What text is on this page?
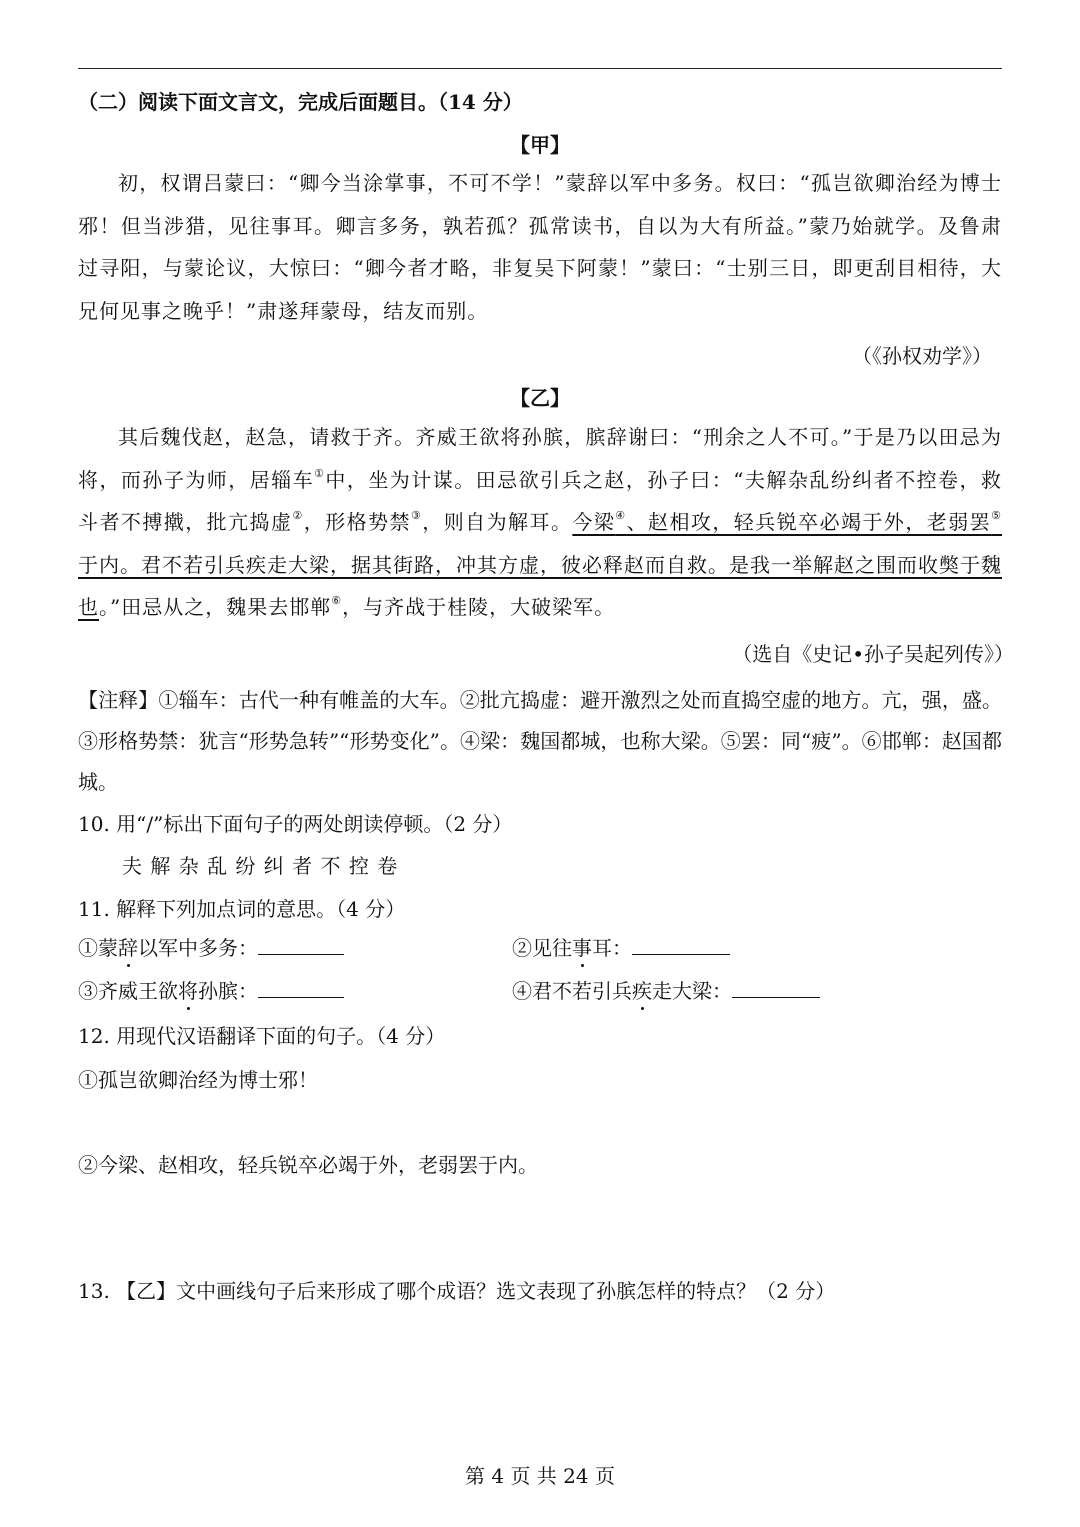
（二）阅读下面文言文，完成后面题目。（14 分）

【甲】

初，权谓吕蒙曰：“卿今当涂掌事，不可不学！”蒙辞以军中多务。权曰：“孤岂欲卿治经为博士邪！但当涉猎，见往事耳。卿言多务，孰若孤？孤常读书，自以为大有所益。”蒙乃始就学。及鲁肃过寻阳，与蒙论议，大惊曰：“卿今者才略，非复吴下阿蒙！”蒙曰：“士别三日，即更刮目相待，大兄何见事之晚乎！”肃遂拜蒙母，结友而别。

（《孙权劝学》）

【乙】

其后魏伐赵，赵急，请救于齐。齐威王欲将孙膑，膑辞谢曰：“刑余之人不可。”于是乃以田忌为将，而孙子为师，居辎车①中，坐为计谋。田忌欲引兵之赵，孙子曰：“夫解杂乱纷纠者不控卷，救斗者不搏撠，批亢捣虚②，形格势禁③，则自为解耳。今梁④、赵相攻，轻兵锐卒必竭于外，老弱罢⑤于内。君不若引兵疾走大梁，据其街路，冲其方虚，彼必释赵而自救。是我一举解赵之围而收獘于魏也。”田忌从之，魏果去邯郸⑥，与齐战于桂陵，大破梁军。

（选自《史记•孙子吴起列传》）

【注释】①辎车：古代一种有帷盖的大车。②批亢捣虚：避开激烈之处而直捣空虚的地方。亢，强，盛。③形格势禁：犹言“形势急转”“形势变化”。④梁：魏国都城，也称大梁。⑤罢：同“疲”。⑥邯郸：赵国都城。

10. 用“/”标出下面句子的两处朗读停顿。（2 分）

夫 解 杂 乱 纷 纠 者 不 控 卷

11. 解释下列加点词的意思。（4 分）

①蒙辞以军中多务：	②见往事耳：
③齐威王欲将孙膑：	④君不若引兵疾走大梁：

12. 用现代汉语翻译下面的句子。（4 分）

①孤岂欲卿治经为博士邪！

②今梁、赵相攻，轻兵锐卒必竭于外，老弱罢于内。

13. 【乙】文中画线句子后来形成了哪个成语？选文表现了孙膑怎样的特点？（2 分）

第 4 页 共 24 页
